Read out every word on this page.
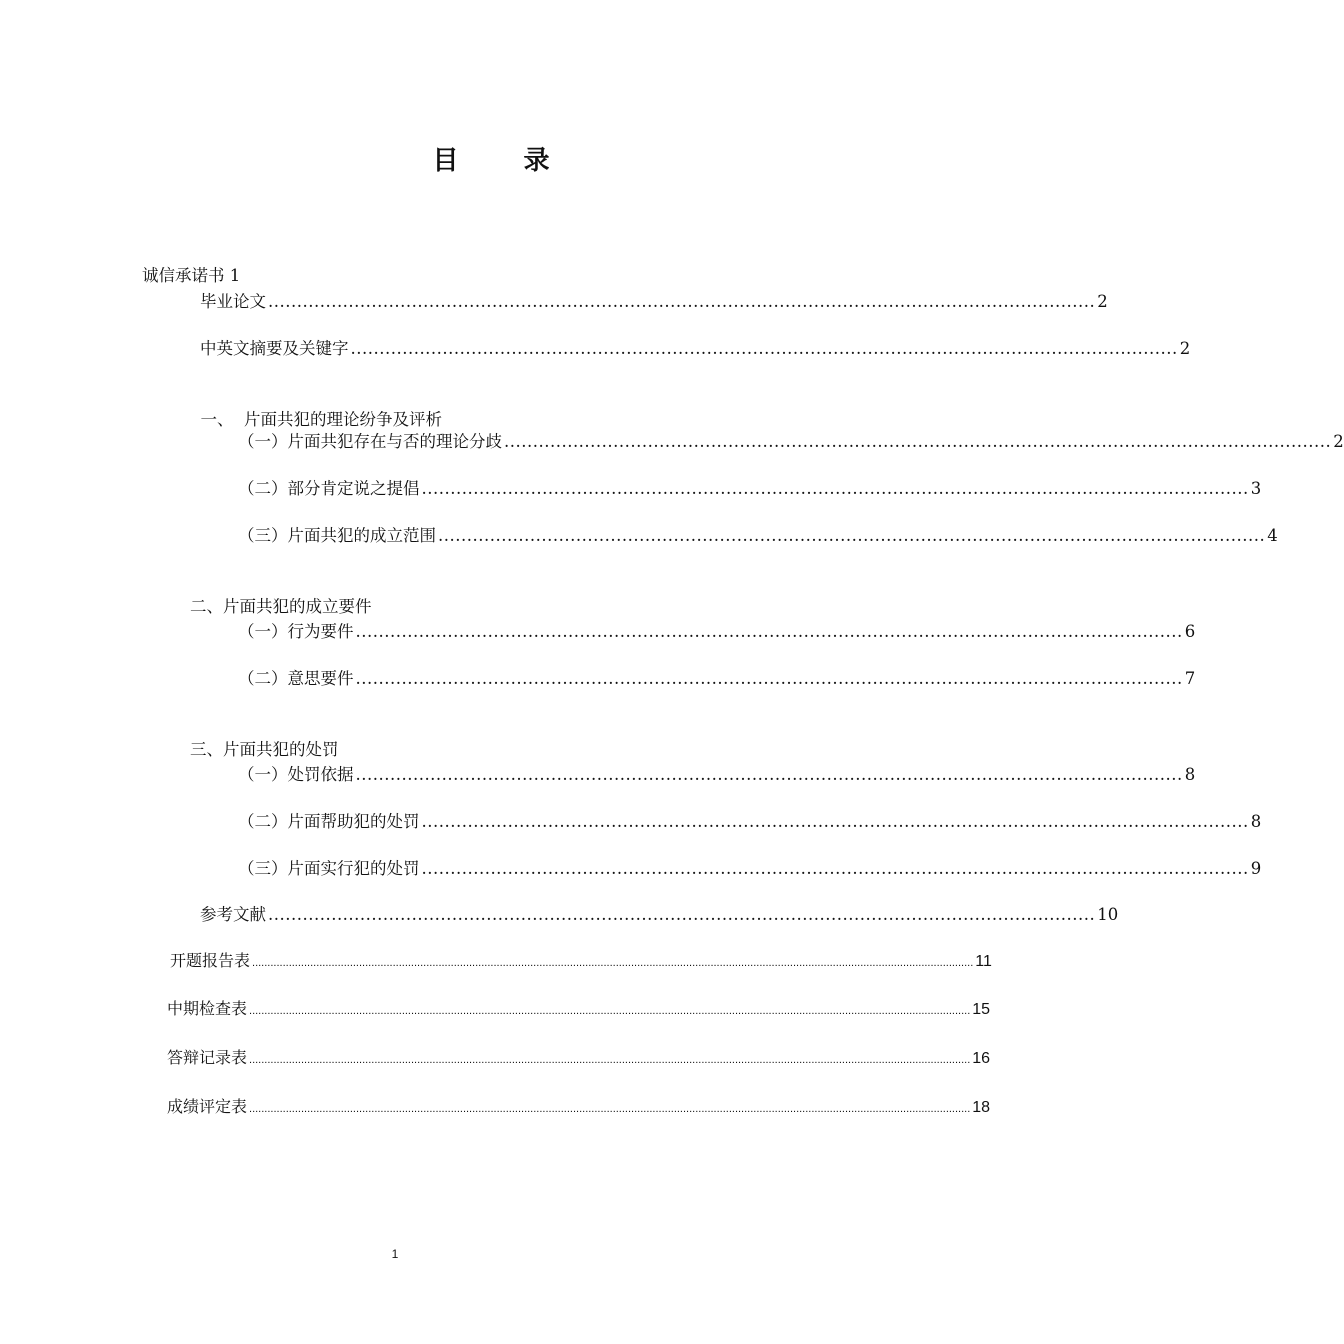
目 录
诚信承诺书 1
毕业论文 ................................................................................................................................................ 2
中英文摘要及关键字 ................................................................................................................................................ 2

一、  片面共犯的理论纷争及评析

（一）片面共犯存在与否的理论分歧 ................................................................................................................................................ 2
（二）部分肯定说之提倡 ................................................................................................................................................ 3
（三）片面共犯的成立范围 ................................................................................................................................................ 4
二、片面共犯的成立要件
（一）行为要件 ................................................................................................................................................ 6
（二）意思要件 ................................................................................................................................................ 7
三、片面共犯的处罚
（一）处罚依据 ................................................................................................................................................ 8
（二）片面帮助犯的处罚 ................................................................................................................................................ 8
（三）片面实行犯的处罚 ................................................................................................................................................ 9
参考文献 ................................................................................................................................................ 10
开题报告表 ............................................................................................................................................................................................................................................ 11
中期检查表 ............................................................................................................................................................................................................................................ 15
答辩记录表 ............................................................................................................................................................................................................................................ 16
成绩评定表 ............................................................................................................................................................................................................................................ 18
1
